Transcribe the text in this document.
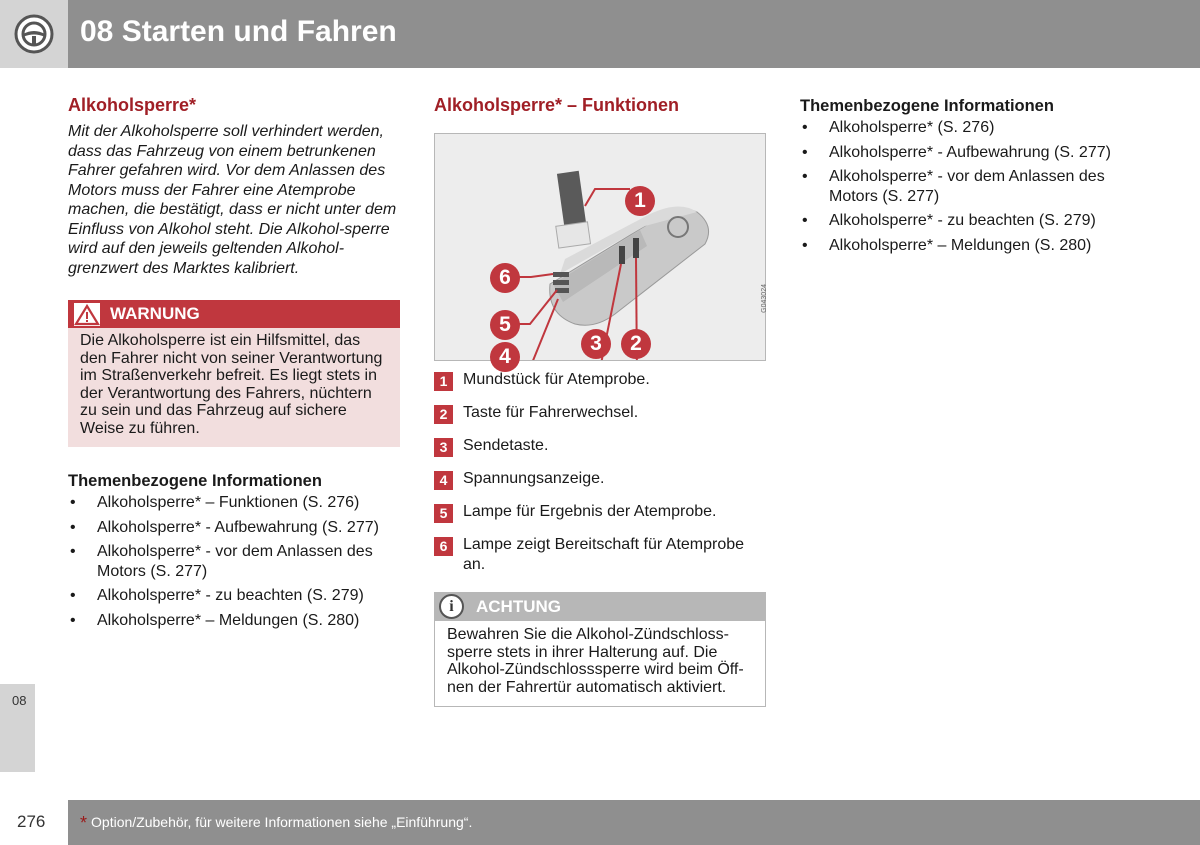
08 Starten und Fahren
Alkoholsperre*

Mit der Alkoholsperre soll verhindert werden, dass das Fahrzeug von einem betrunkenen Fahrer gefahren wird. Vor dem Anlassen des Motors muss der Fahrer eine Atemprobe machen, die bestätigt, dass er nicht unter dem Einfluss von Alkohol steht. Die Alkohol-sperre wird auf den jeweils geltenden Alkohol-grenzwert des Marktes kalibriert.

WARNUNG
Die Alkoholsperre ist ein Hilfsmittel, das den Fahrer nicht von seiner Verantwortung im Straßenverkehr befreit. Es liegt stets in der Verantwortung des Fahrers, nüchtern zu sein und das Fahrzeug auf sichere Weise zu führen.
Themenbezogene Informationen
• Alkoholsperre* – Funktionen (S. 276)
• Alkoholsperre* - Aufbewahrung (S. 277)
• Alkoholsperre* - vor dem Anlassen des Motors (S. 277)
• Alkoholsperre* - zu beachten (S. 279)
• Alkoholsperre* – Meldungen (S. 280)
Alkoholsperre* – Funktionen
1
6
5
4
3	2
G043024
1 Mundstück für Atemprobe.
2 Taste für Fahrerwechsel.
3 Sendetaste.
4 Spannungsanzeige.
5 Lampe für Ergebnis der Atemprobe.
6 Lampe zeigt Bereitschaft für Atemprobe an.
i	ACHTUNG
Bewahren Sie die Alkohol-Zündschloss-sperre stets in ihrer Halterung auf. Die Alkohol-Zündschlosssperre wird beim Öff-nen der Fahrertür automatisch aktiviert.
Themenbezogene Informationen
• Alkoholsperre* (S. 276)
• Alkoholsperre* - Aufbewahrung (S. 277)
• Alkoholsperre* - vor dem Anlassen des Motors (S. 277)
• Alkoholsperre* - zu beachten (S. 279)
• Alkoholsperre* – Meldungen (S. 280)
08
276 * Option/Zubehör, für weitere Informationen siehe „Einführung“.
